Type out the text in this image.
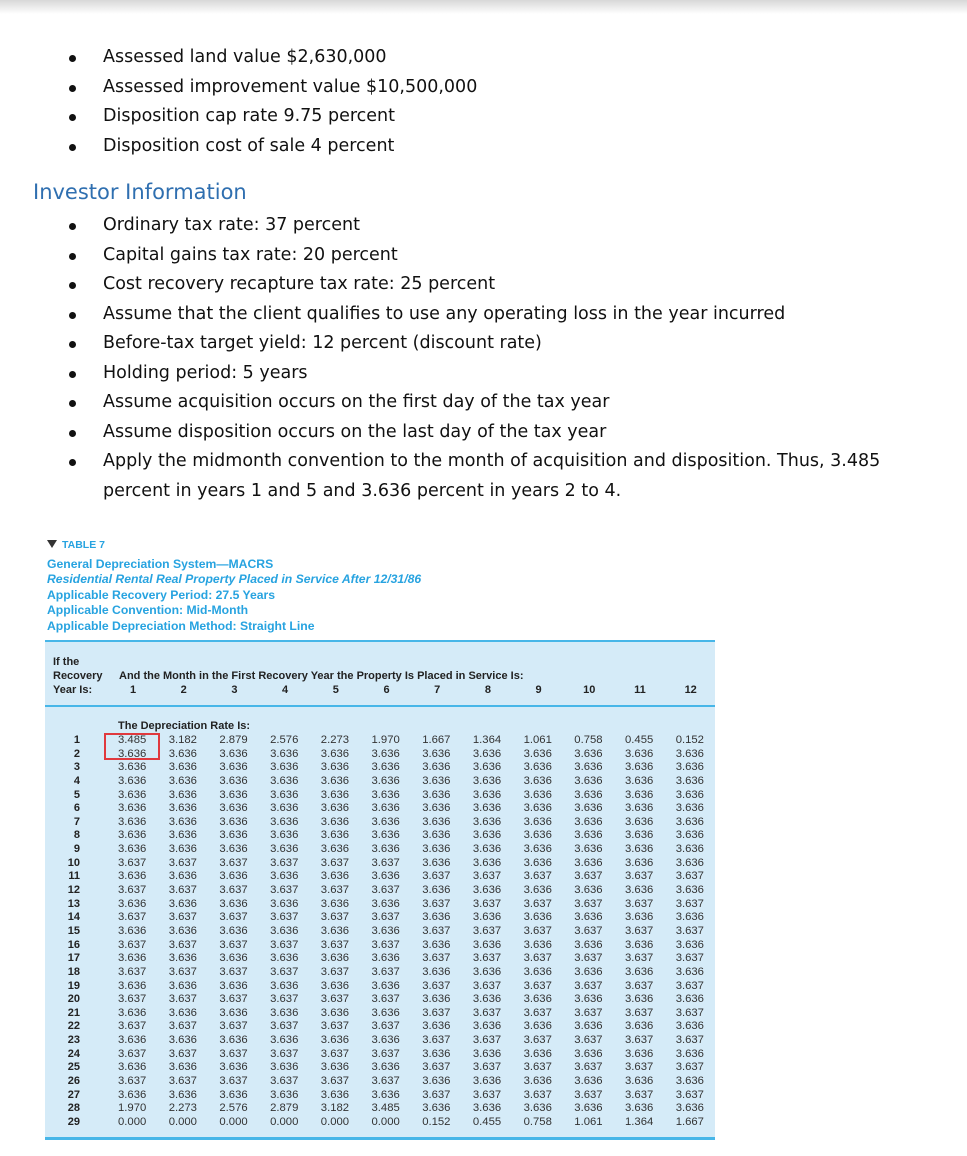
Assessed land value $2,630,000
Assessed improvement value $10,500,000
Disposition cap rate 9.75 percent
Disposition cost of sale 4 percent
Ordinary tax rate: 37 percent
Capital gains tax rate: 20 percent
Cost recovery recapture tax rate: 25 percent
Assume that the client qualifies to use any operating loss in the year incurred
Before-tax target yield: 12 percent (discount rate)
Holding period: 5 years
Assume acquisition occurs on the first day of the tax year
Assume disposition occurs on the last day of the tax year
Apply the midmonth convention to the month of acquisition and disposition. Thus, 3.485
percent in years 1 and 5 and 3.636 percent in years 2 to 4.
Investor Information
TABLE 7
General Depreciation System—MACRS
Residential Rental Real Property Placed in Service After 12/31/86
Applicable Recovery Period: 27.5 Years
Applicable Convention: Mid-Month
Applicable Depreciation Method: Straight Line
If the
Recovery
Year Is:
And the Month in the First Recovery Year the Property Is Placed in Service Is:
The Depreciation Rate Is:
1	2	3	4	5	6	7	8	9	10	11	12
1	3.485 3.182 2.879 2.576 2.273 1.970 1.667 1.364 1.061 0.758 0.455 0.152
2	3.636 3.636 3.636 3.636 3.636 3.636 3.636 3.636 3.636 3.636 3.636 3.636
3	3.636 3.636 3.636 3.636 3.636 3.636 3.636 3.636 3.636 3.636 3.636 3.636
4	3.636 3.636 3.636 3.636 3.636 3.636 3.636 3.636 3.636 3.636 3.636 3.636
5	3.636 3.636 3.636 3.636 3.636 3.636 3.636 3.636 3.636 3.636 3.636 3.636
6	3.636 3.636 3.636 3.636 3.636 3.636 3.636 3.636 3.636 3.636 3.636 3.636
7	3.636 3.636 3.636 3.636 3.636 3.636 3.636 3.636 3.636 3.636 3.636 3.636
8	3.636 3.636 3.636 3.636 3.636 3.636 3.636 3.636 3.636 3.636 3.636 3.636
9	3.636 3.636 3.636 3.636 3.636 3.636 3.636 3.636 3.636 3.636 3.636 3.636
10	3.637 3.637 3.637 3.637 3.637 3.637 3.636 3.636 3.636 3.636 3.636 3.636
11	3.636 3.636 3.636 3.636 3.636 3.636 3.637 3.637 3.637 3.637 3.637 3.637
12	3.637 3.637 3.637 3.637 3.637 3.637 3.636 3.636 3.636 3.636 3.636 3.636
13	3.636 3.636 3.636 3.636 3.636 3.636 3.637 3.637 3.637 3.637 3.637 3.637
14	3.637 3.637 3.637 3.637 3.637 3.637 3.636 3.636 3.636 3.636 3.636 3.636
15	3.636 3.636 3.636 3.636 3.636 3.636 3.637 3.637 3.637 3.637 3.637 3.637
16	3.637 3.637 3.637 3.637 3.637 3.637 3.636 3.636 3.636 3.636 3.636 3.636
17	3.636 3.636 3.636 3.636 3.636 3.636 3.637 3.637 3.637 3.637 3.637 3.637
18	3.637 3.637 3.637 3.637 3.637 3.637 3.636 3.636 3.636 3.636 3.636 3.636
19	3.636 3.636 3.636 3.636 3.636 3.636 3.637 3.637 3.637 3.637 3.637 3.637
20	3.637 3.637 3.637 3.637 3.637 3.637 3.636 3.636 3.636 3.636 3.636 3.636
21	3.636 3.636 3.636 3.636 3.636 3.636 3.637 3.637 3.637 3.637 3.637 3.637
22	3.637 3.637 3.637 3.637 3.637 3.637 3.636 3.636 3.636 3.636 3.636 3.636
23	3.636 3.636 3.636 3.636 3.636 3.636 3.637 3.637 3.637 3.637 3.637 3.637
24	3.637 3.637 3.637 3.637 3.637 3.637 3.636 3.636 3.636 3.636 3.636 3.636
25	3.636 3.636 3.636 3.636 3.636 3.636 3.637 3.637 3.637 3.637 3.637 3.637
26	3.637 3.637 3.637 3.637 3.637 3.637 3.636 3.636 3.636 3.636 3.636 3.636
27	3.636 3.636 3.636 3.636 3.636 3.636 3.637 3.637 3.637 3.637 3.637 3.637
28	1.970 2.273 2.576 2.879 3.182 3.485 3.636 3.636 3.636 3.636 3.636 3.636
29	0.000 0.000 0.000 0.000 0.000 0.000 0.152 0.455 0.758 1.061 1.364 1.667
